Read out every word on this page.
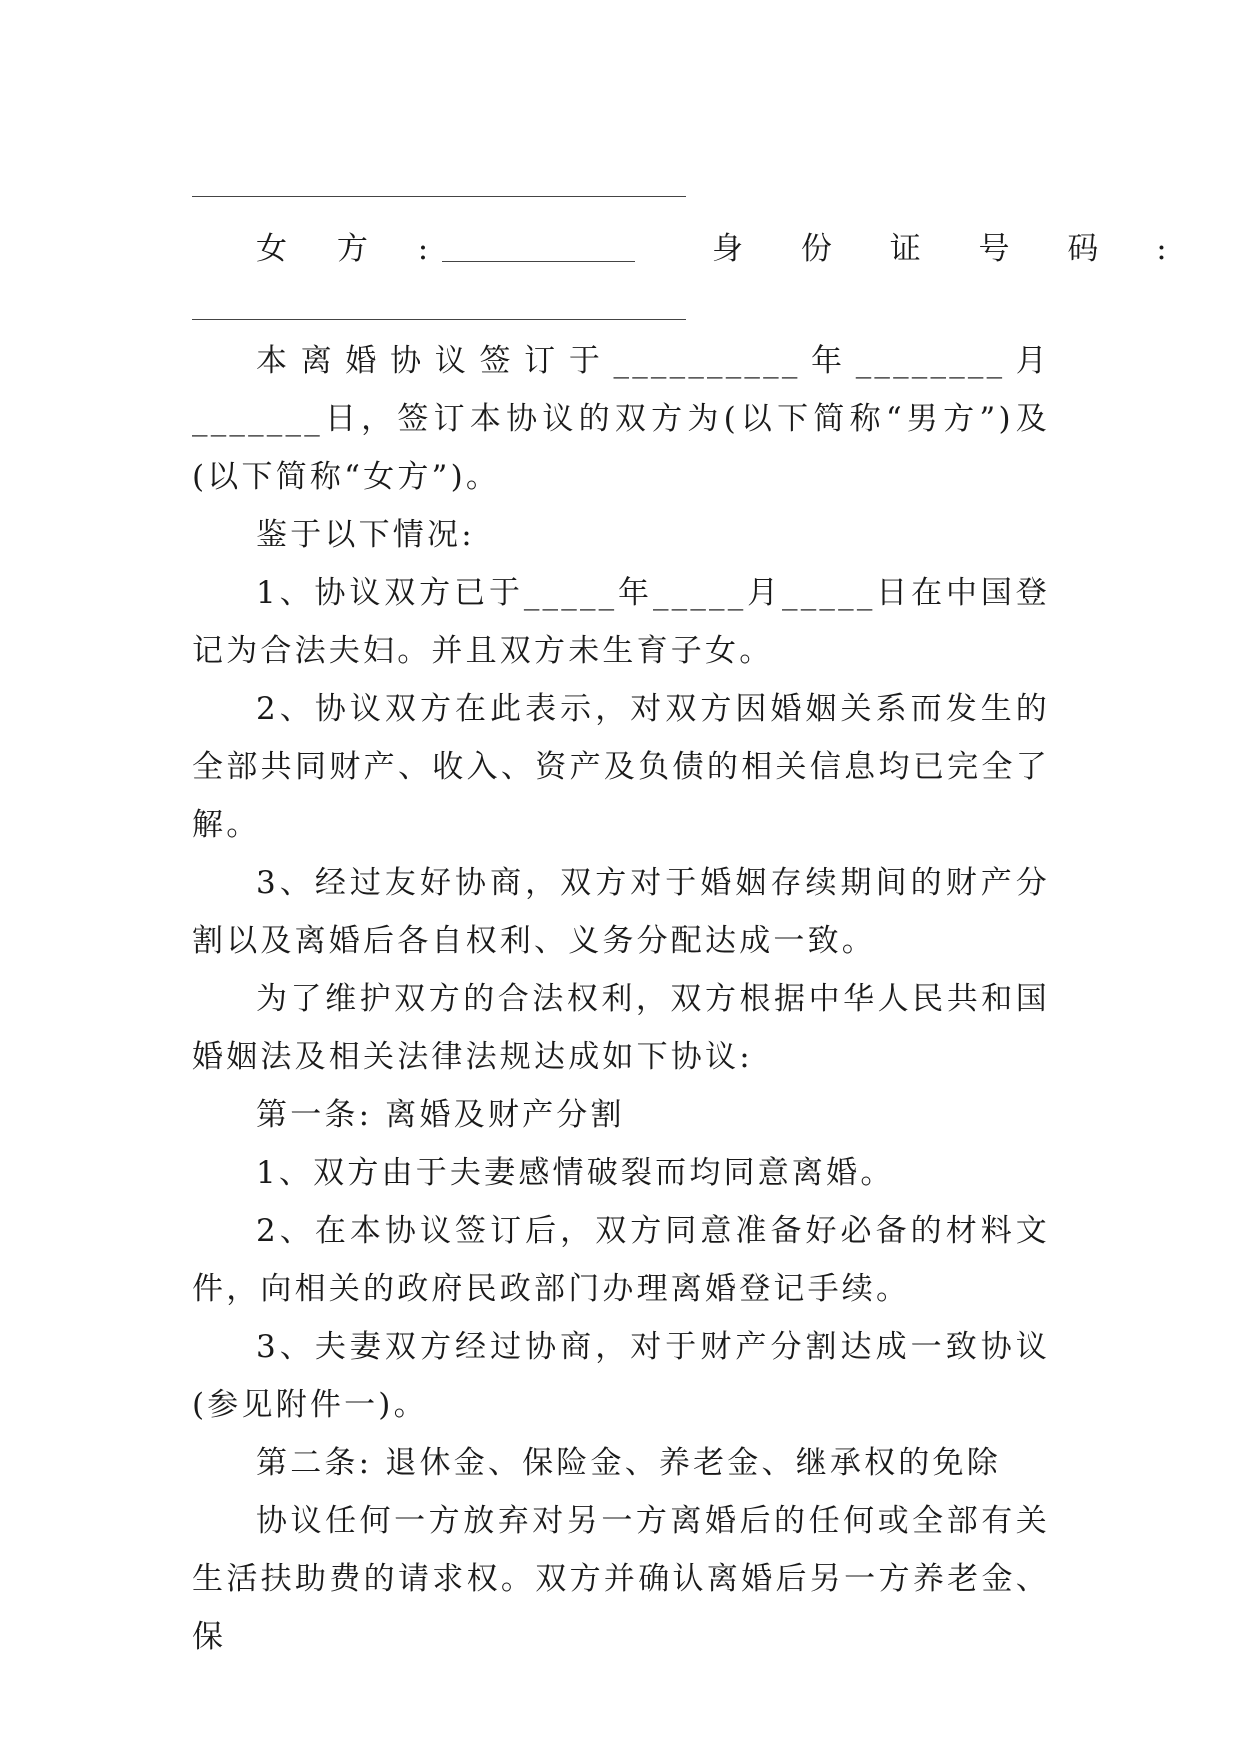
女 方 :	身 份 证 号 码 :

本离婚协议签订于__________年________月_______日，签订本协议的双方为(以下简称“男方”)及(以下简称“女方”)。

鉴于以下情况:

1、协议双方已于_____年_____月_____日在中国登记为合法夫妇。并且双方未生育子女。

2、协议双方在此表示，对双方因婚姻关系而发生的全部共同财产、收入、资产及负债的相关信息均已完全了解。

3、经过友好协商，双方对于婚姻存续期间的财产分割以及离婚后各自权利、义务分配达成一致。

为了维护双方的合法权利，双方根据中华人民共和国婚姻法及相关法律法规达成如下协议:

第一条: 离婚及财产分割

1、双方由于夫妻感情破裂而均同意离婚。

2、在本协议签订后，双方同意准备好必备的材料文件，向相关的政府民政部门办理离婚登记手续。

3、夫妻双方经过协商，对于财产分割达成一致协议(参见附件一)。

第二条: 退休金、保险金、养老金、继承权的免除

协议任何一方放弃对另一方离婚后的任何或全部有关生活扶助费的请求权。双方并确认离婚后另一方养老金、保
